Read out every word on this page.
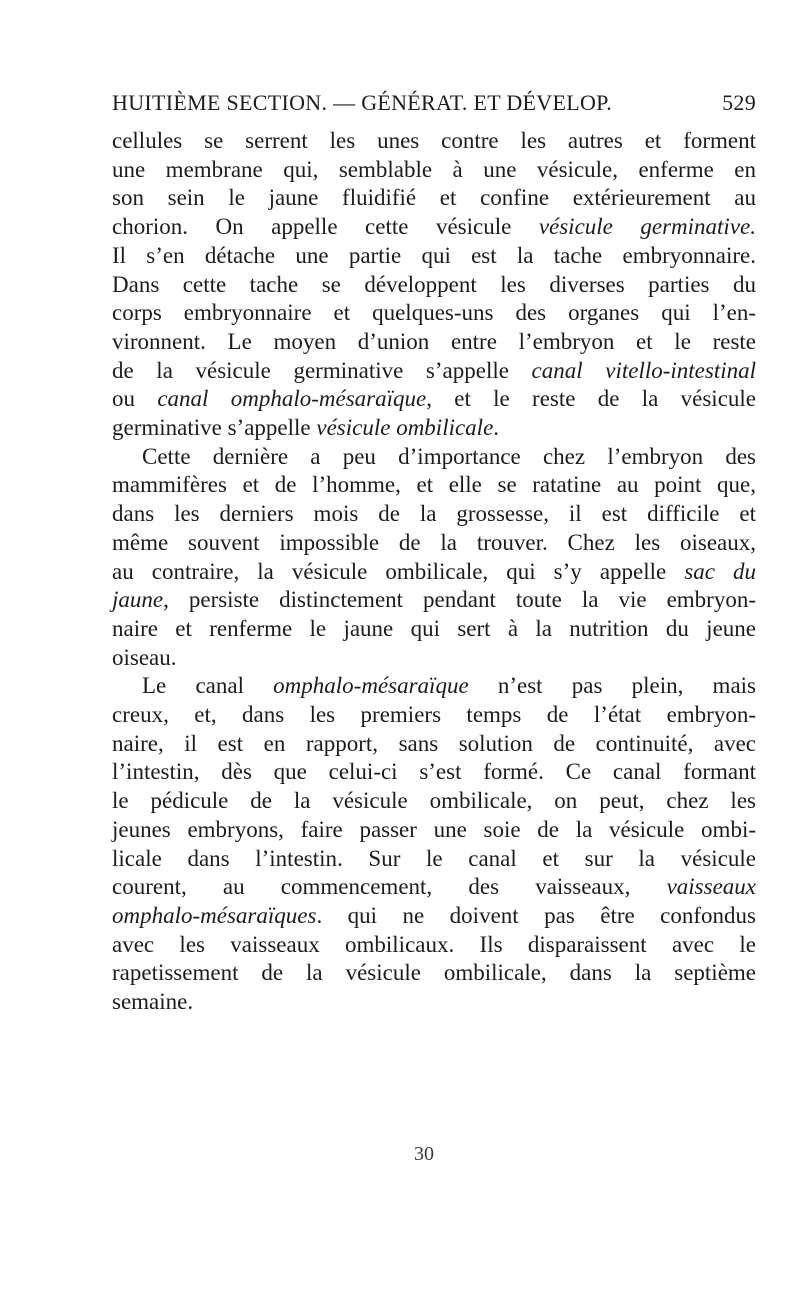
HUITIÈME SECTION. — GÉNÉRAT. ET DÉVELOP.	529
cellules se serrent les unes contre les autres et forment
une membrane qui, semblable à une vésicule, enferme en
son sein le jaune fluidifié et confine extérieurement au
chorion. On appelle cette vésicule vésicule germinative.
Il s’en détache une partie qui est la tache embryonnaire.
Dans cette tache se développent les diverses parties du
corps embryonnaire et quelques-uns des organes qui l’en-
vironnent. Le moyen d’union entre l’embryon et le reste
de la vésicule germinative s’appelle canal vitello-intestinal
ou canal omphalo-mésaraïque, et le reste de la vésicule
germinative s’appelle vésicule ombilicale.
Cette dernière a peu d’importance chez l’embryon des
mammifères et de l’homme, et elle se ratatine au point que,
dans les derniers mois de la grossesse, il est difficile et
même souvent impossible de la trouver. Chez les oiseaux,
au contraire, la vésicule ombilicale, qui s’y appelle sac du
jaune, persiste distinctement pendant toute la vie embryon-
naire et renferme le jaune qui sert à la nutrition du jeune
oiseau.
Le canal omphalo-mésaraïque n’est pas plein, mais
creux, et, dans les premiers temps de l’état embryon-
naire, il est en rapport, sans solution de continuité, avec
l’intestin, dès que celui-ci s’est formé. Ce canal formant
le pédicule de la vésicule ombilicale, on peut, chez les
jeunes embryons, faire passer une soie de la vésicule ombi-
licale dans l’intestin. Sur le canal et sur la vésicule
courent, au commencement, des vaisseaux, vaisseaux
omphalo-mésaraïques. qui ne doivent pas être confondus
avec les vaisseaux ombilicaux. Ils disparaissent avec le
rapetissement de la vésicule ombilicale, dans la septième
semaine.
30
